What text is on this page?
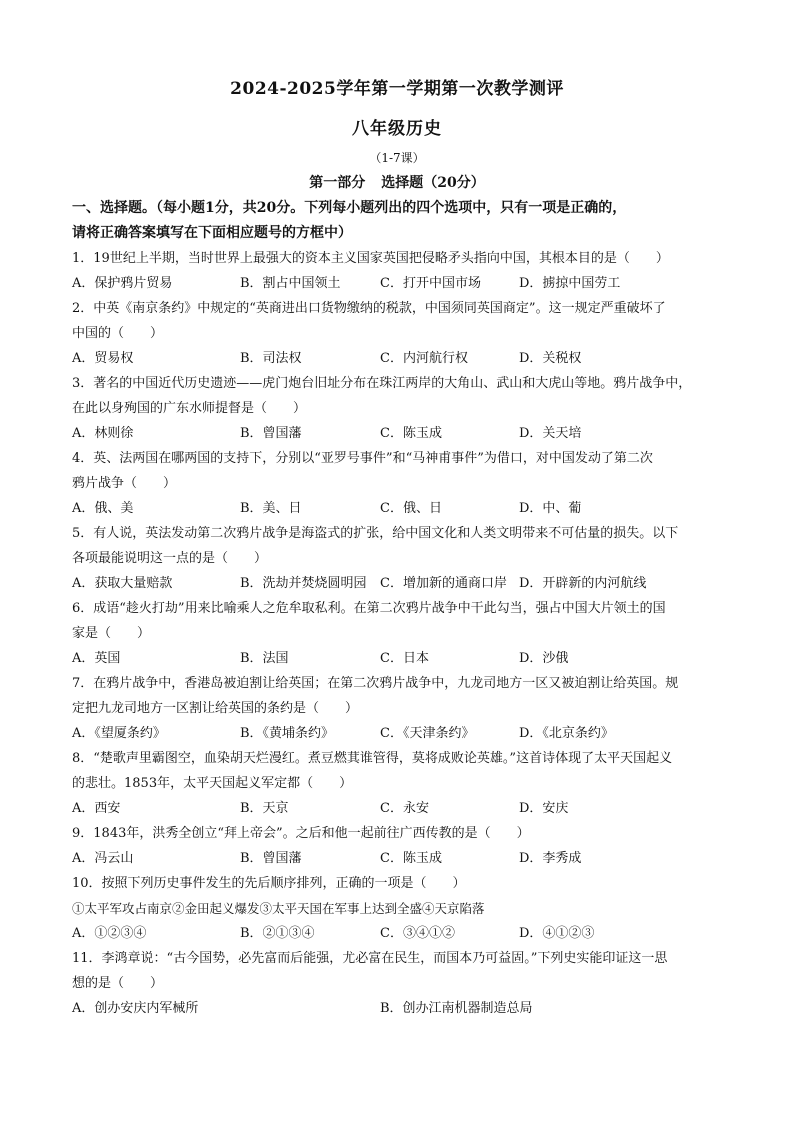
2024-2025学年第一学期第一次教学测评
八年级历史
（1-7课）
第一部分 选择题（20分）
一、选择题。（每小题1分，共20分。下列每小题列出的四个选项中，只有一项是正确的，
请将正确答案填写在下面相应题号的方框中）
1．19世纪上半期，当时世界上最强大的资本主义国家英国把侵略矛头指向中国，其根本目的是（　　）
A．保护鸦片贸易	B．割占中国领土	C．打开中国市场	D．掳掠中国劳工
2．中英《南京条约》中规定的“英商进出口货物缴纳的税款，中国须同英国商定”。这一规定严重破坏了
中国的（　　）
A．贸易权	B．司法权	C．内河航行权	D．关税权
3．著名的中国近代历史遗迹——虎门炮台旧址分布在珠江两岸的大角山、武山和大虎山等地。鸦片战争中，
在此以身殉国的广东水师提督是（　　）
A．林则徐	B．曾国藩	C．陈玉成	D．关天培
4．英、法两国在哪两国的支持下，分别以“亚罗号事件”和“马神甫事件”为借口，对中国发动了第二次
鸦片战争（　　）
A．俄、美	B．美、日	C．俄、日	D．中、葡
5．有人说，英法发动第二次鸦片战争是海盗式的扩张，给中国文化和人类文明带来不可估量的损失。以下
各项最能说明这一点的是（　　）
A．获取大量赔款	B．洗劫并焚烧圆明园 C．增加新的通商口岸 D．开辟新的内河航线
6．成语“趁火打劫”用来比喻乘人之危牟取私利。在第二次鸦片战争中干此勾当，强占中国大片领土的国
家是（　　）
A．英国	B．法国	C．日本	D．沙俄
7．在鸦片战争中，香港岛被迫割让给英国；在第二次鸦片战争中，九龙司地方一区又被迫割让给英国。规
定把九龙司地方一区割让给英国的条约是（　　）
A．《望厦条约》	B．《黄埔条约》	C．《天津条约》	D．《北京条约》
8．“楚歌声里霸图空，血染胡天烂漫红。煮豆燃萁谁管得，莫将成败论英雄。”这首诗体现了太平天国起义
的悲壮。1853年，太平天国起义军定都（　　）
A．西安	B．天京	C．永安	D．安庆
9．1843年，洪秀全创立“拜上帝会”。之后和他一起前往广西传教的是（　　）
A．冯云山	B．曾国藩	C．陈玉成	D．李秀成
10．按照下列历史事件发生的先后顺序排列，正确的一项是（　　）
①太平军攻占南京②金田起义爆发③太平天国在军事上达到全盛④天京陷落
A．①②③④	B．②①③④	C．③④①②	D．④①②③
11．李鸿章说：“古今国势，必先富而后能强，尤必富在民生，而国本乃可益固。”下列史实能印证这一思
想的是（　　）
A．创办安庆内军械所	B．创办江南机器制造总局
